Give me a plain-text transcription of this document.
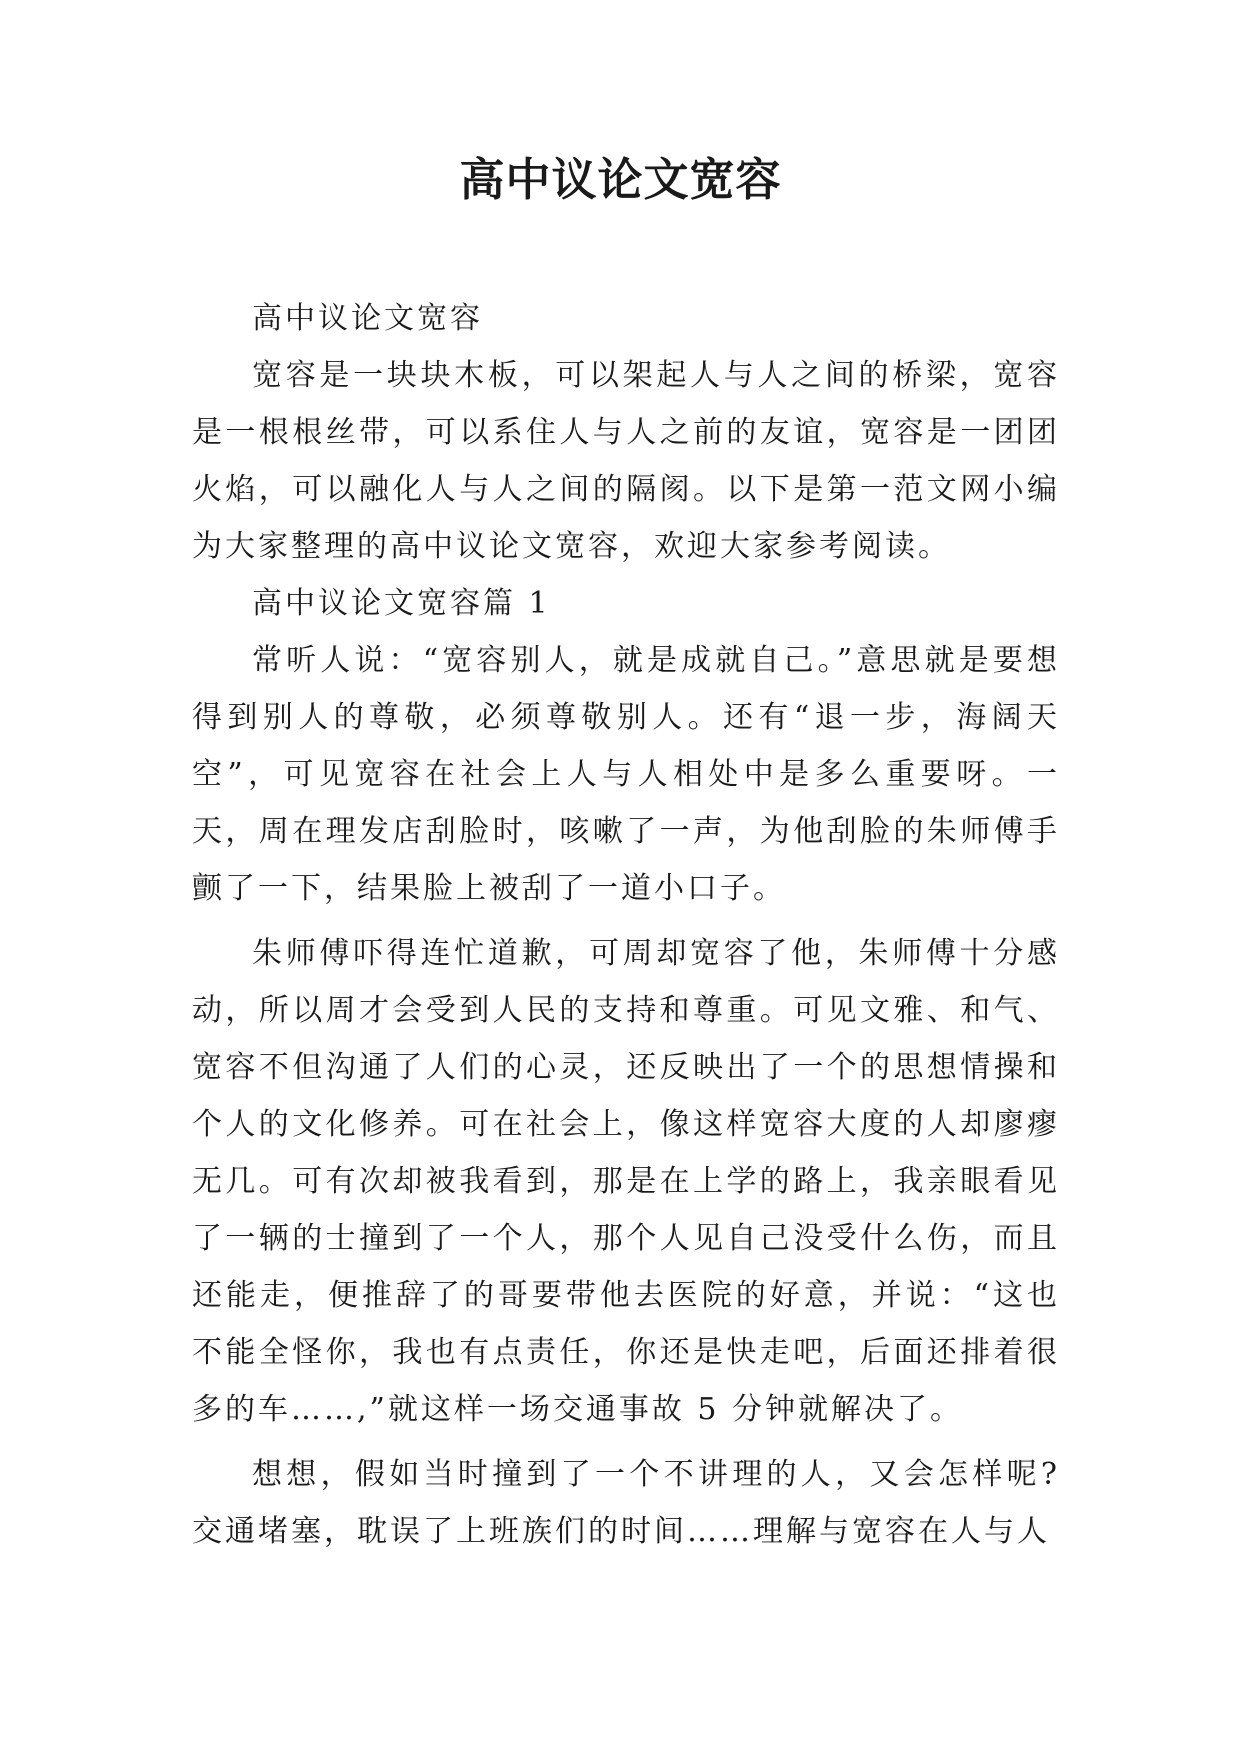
高中议论文宽容

高中议论文宽容

宽容是一块块木板，可以架起人与人之间的桥梁，宽容是一根根丝带，可以系住人与人之前的友谊，宽容是一团团火焰，可以融化人与人之间的隔阂。以下是第一范文网小编为大家整理的高中议论文宽容，欢迎大家参考阅读。

高中议论文宽容篇 1

常听人说：“宽容别人，就是成就自己。”意思就是要想得到别人的尊敬，必须尊敬别人。还有“退一步，海阔天空”，可见宽容在社会上人与人相处中是多么重要呀。一天，周在理发店刮脸时，咳嗽了一声，为他刮脸的朱师傅手颤了一下，结果脸上被刮了一道小口子。

朱师傅吓得连忙道歉，可周却宽容了他，朱师傅十分感动，所以周才会受到人民的支持和尊重。可见文雅、和气、宽容不但沟通了人们的心灵，还反映出了一个的思想情操和个人的文化修养。可在社会上，像这样宽容大度的人却廖瘳无几。可有次却被我看到，那是在上学的路上，我亲眼看见了一辆的士撞到了一个人，那个人见自己没受什么伤，而且还能走，便推辞了的哥要带他去医院的好意，并说：“这也不能全怪你，我也有点责任，你还是快走吧，后面还排着很多的车……,”就这样一场交通事故 5 分钟就解决了。

想想，假如当时撞到了一个不讲理的人，又会怎样呢?交通堵塞，耽误了上班族们的时间……理解与宽容在人与人
